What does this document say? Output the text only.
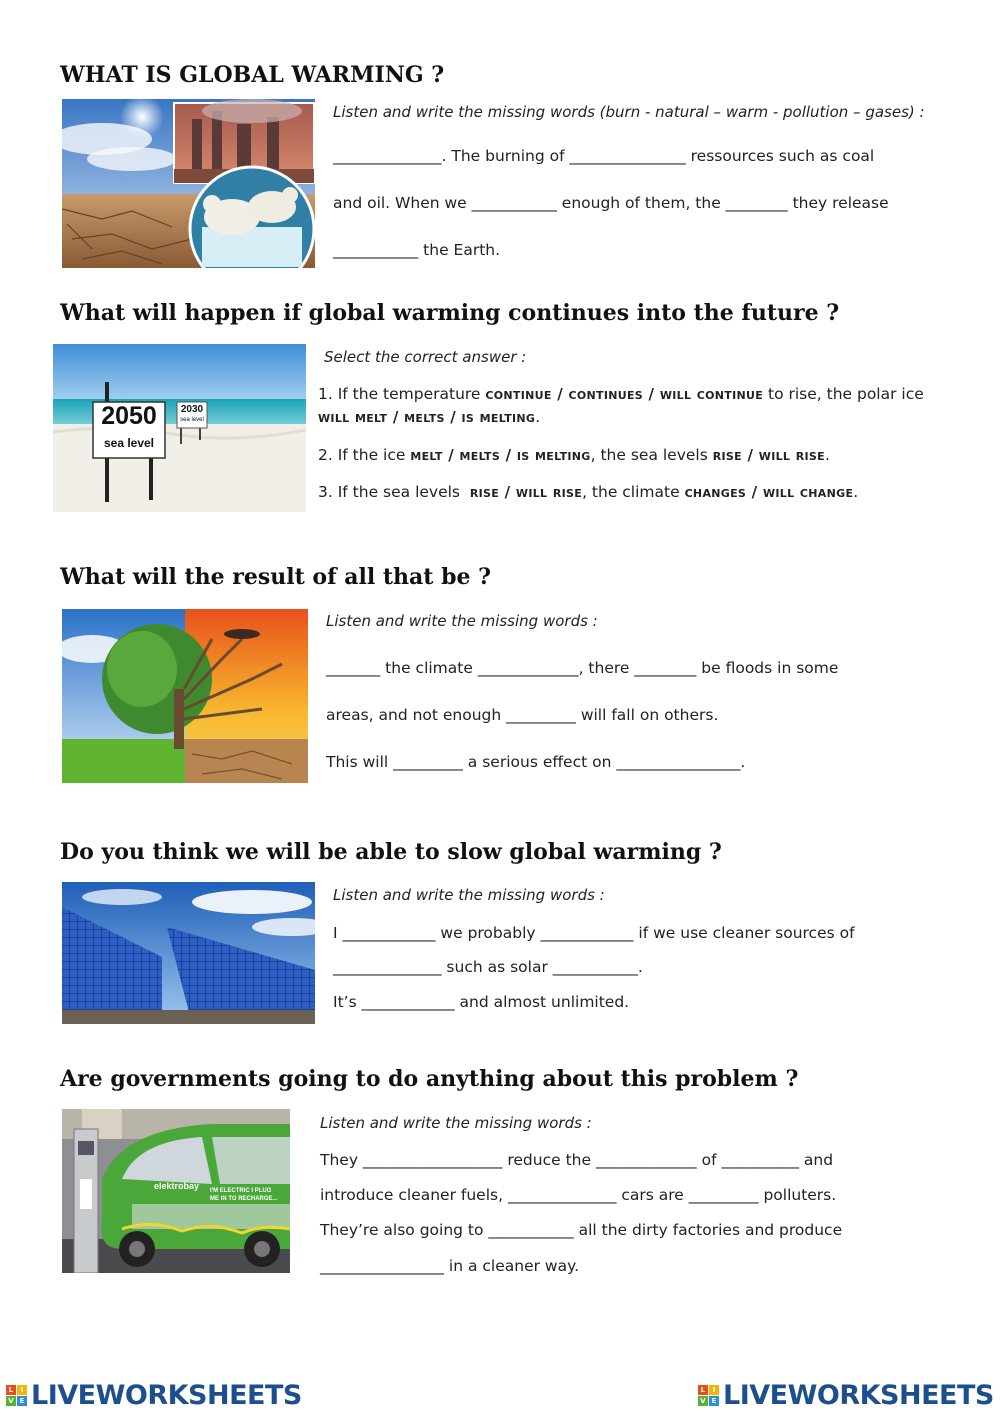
WHAT IS GLOBAL WARMING ?
Listen and write the missing words (burn - natural – warm - pollution – gases) :
______________. The burning of _______________ ressources such as coal
and oil. When we ___________ enough of them, the ________ they release
___________ the Earth.
What will happen if global warming continues into the future ?
2050
sea level
2030
sea level
Select the correct answer :
1. If the temperature continue / continues / will continue to rise, the polar ice will melt / melts / is melting.
2. If the ice melt / melts / is melting, the sea levels rise / will rise.
3. If the sea levels  rise / will rise, the climate changes / will change.
What will the result of all that be ?
Listen and write the missing words :
_______ the climate _____________, there ________ be floods in some
areas, and not enough _________ will fall on others.
This will _________ a serious effect on ________________.
Do you think we will be able to slow global warming ?
Listen and write the missing words :
I ____________ we probably ____________ if we use cleaner sources of
______________ such as solar ___________.
It’s ____________ and almost unlimited.
Are governments going to do anything about this problem ?
elektrobay I'M ELECTRIC I PLUG ME IN TO RECHARGE...
Listen and write the missing words :
They __________________ reduce the _____________ of __________ and
introduce cleaner fuels, ______________ cars are _________ polluters.
They’re also going to ___________ all the dirty factories and produce
________________ in a cleaner way.
L	I
V E LIVEWORKSHEETS	L	I
V E LIVEWORKSHEETS
